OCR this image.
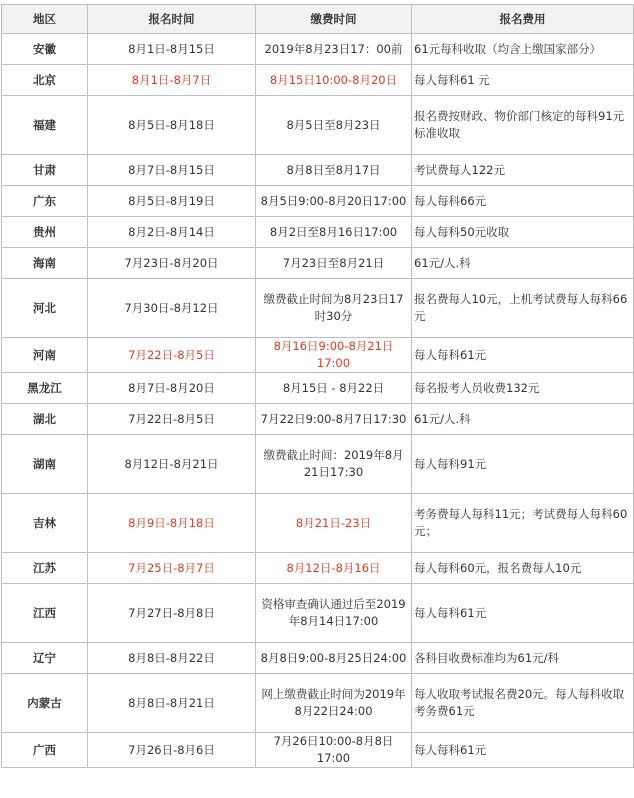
地区	报名时间	缴费时间	报名费用
安徽	8月1日-8月15日	2019年8月23日17：00前	61元每科收取（均含上缴国家部分）
北京	8月1日-8月7日	8月15日10:00-8月20日	每人每科61 元
福建	8月5日-8月18日	8月5日至8月23日	报名费按财政、物价部门核定的每科91元标准收取
甘肃	8月7日-8月15日	8月8日至8月17日	考试费每人122元
广东	8月5日-8月19日	8月5日9:00-8月20日17:00	每人每科66元
贵州	8月2日-8月14日	8月2日至8月16日17:00	每人每科50元收取
海南	7月23日-8月20日	7月23日至8月21日	61元/人.科
河北	7月30日-8月12日	缴费截止时间为8月23日17时30分	报名费每人10元，上机考试费每人每科66元
河南	7月22日-8月5日	8月16日9:00-8月21日17:00	每人每科61元
黑龙江	8月7日-8月20日	8月15日 - 8月22日	每名报考人员收费132元
湖北	7月22日-8月5日	7月22日9:00-8月7日17:30	61元/人.科
湖南	8月12日-8月21日	缴费截止时间：2019年8月21日17:30	每人每科91元
吉林	8月9日-8月18日	8月21日-23日	考务费每人每科11元；考试费每人每科60元；
江苏	7月25日-8月7日	8月12日-8月16日	每人每科60元，报名费每人10元
江西	7月27日-8月8日	资格审查确认通过后至2019年8月14日17:00	每人每科61元
辽宁	8月8日-8月22日	8月8日9:00-8月25日24:00	各科目收费标准均为61元/科
内蒙古	8月8日-8月21日	网上缴费截止时间为2019年8月22日24:00	每人收取考试报名费20元。每人每科收取考务费61元
广西	7月26日-8月6日	7月26日10:00-8月8日17:00	每人每科61元
